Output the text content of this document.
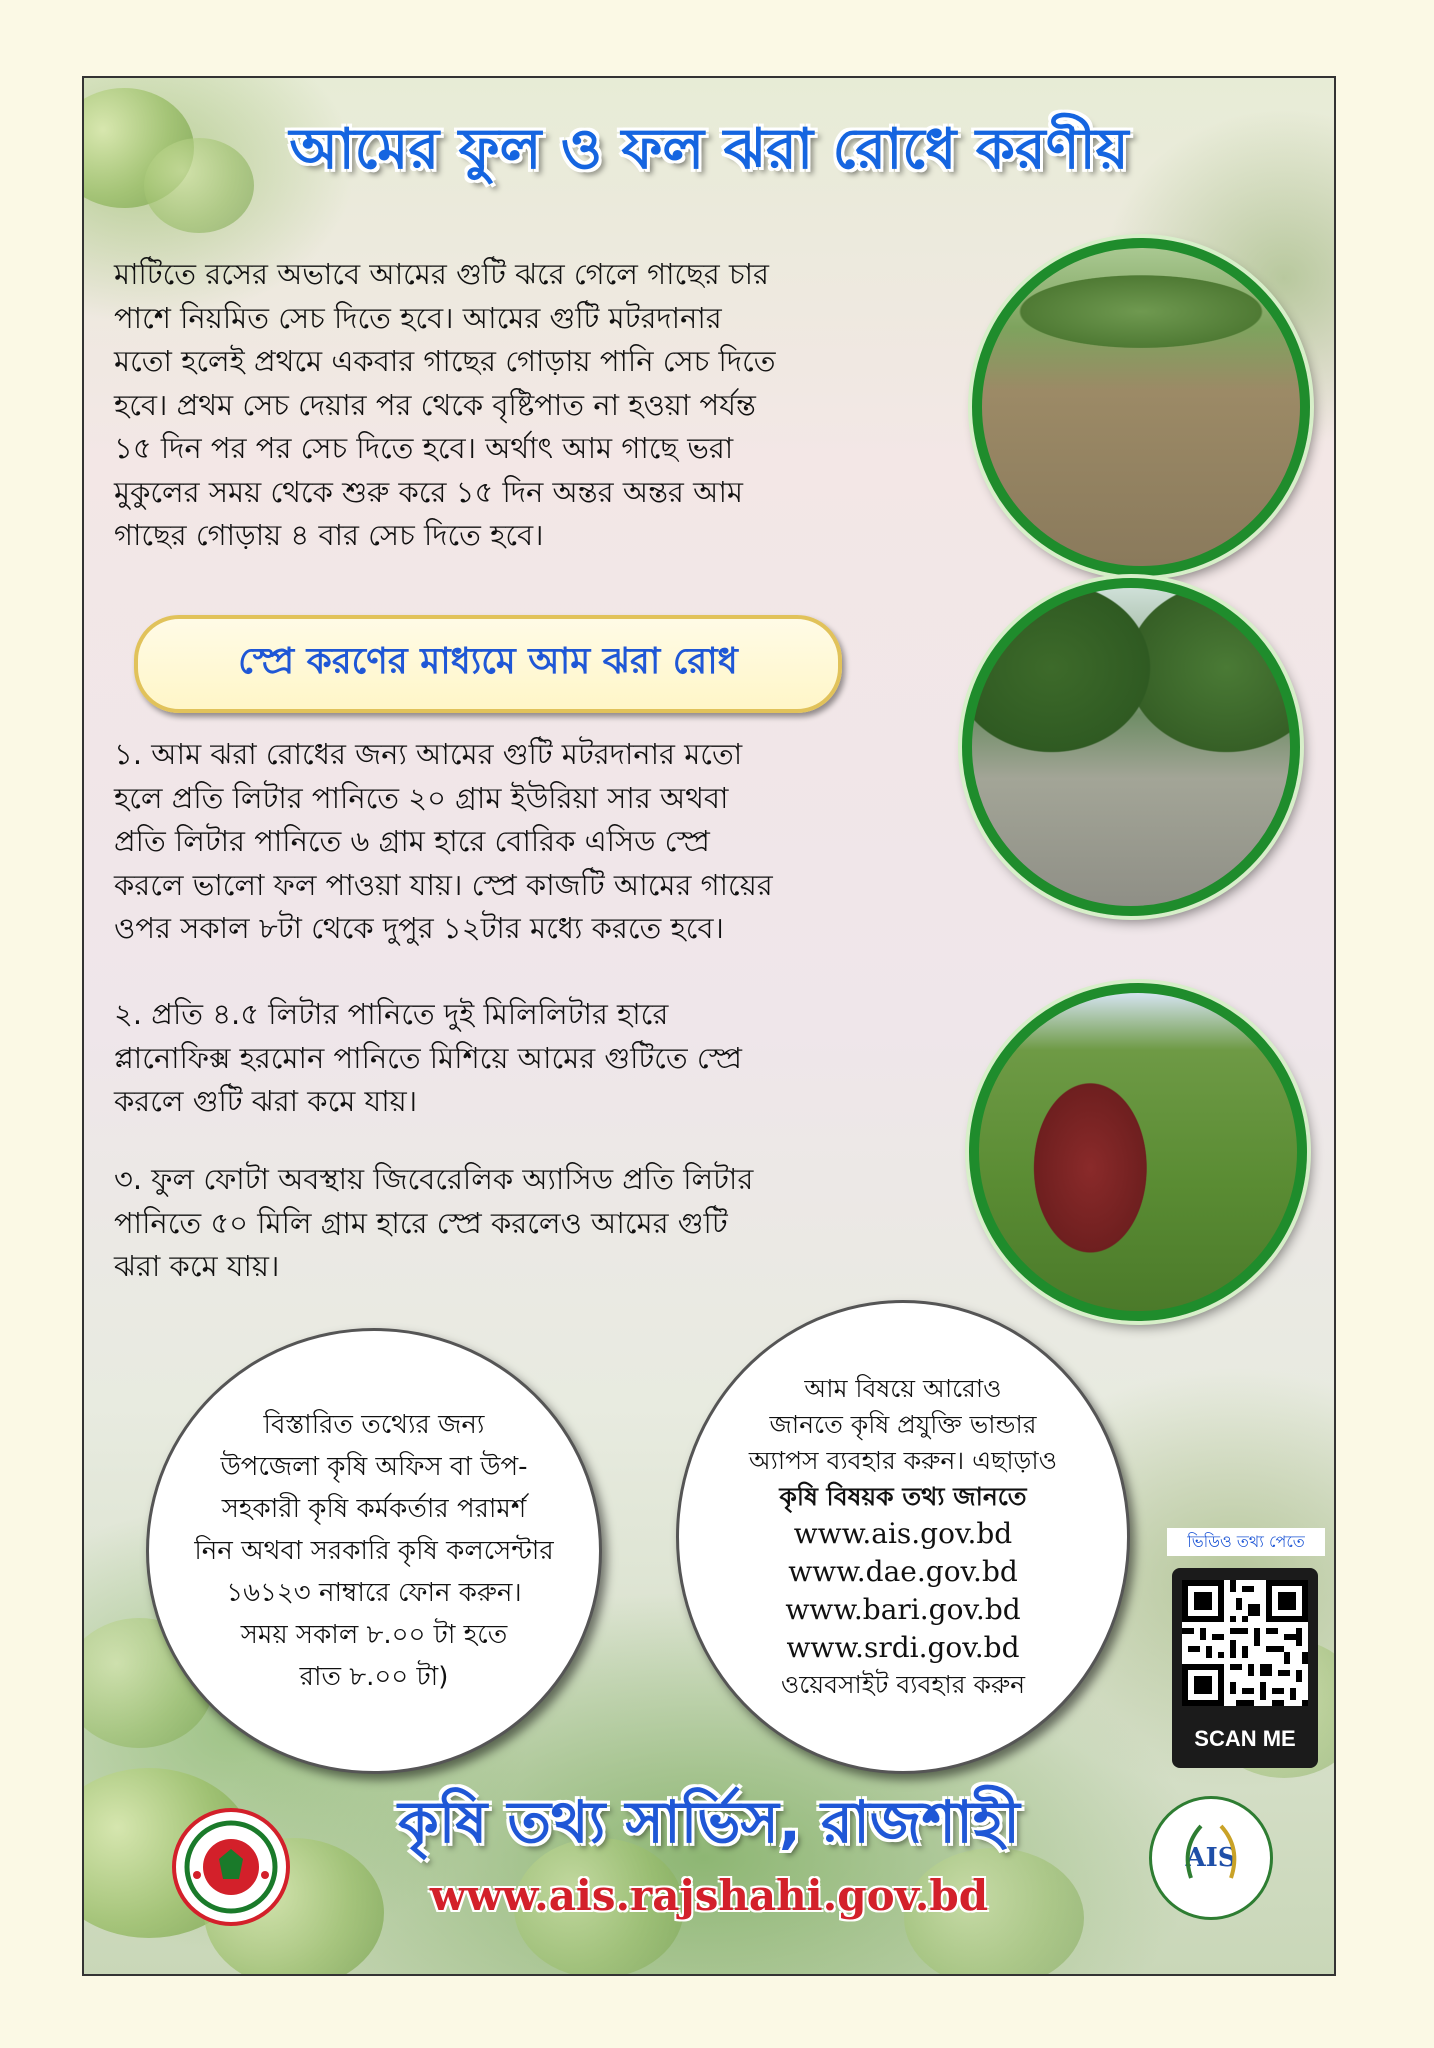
আমের ফুল ও ফল ঝরা রোধে করণীয়
মাটিতে রসের অভাবে আমের গুটি ঝরে গেলে গাছের চার
পাশে নিয়মিত সেচ দিতে হবে। আমের গুটি মটরদানার
মতো হলেই প্রথমে একবার গাছের গোড়ায় পানি সেচ দিতে
হবে। প্রথম সেচ দেয়ার পর থেকে বৃষ্টিপাত না হওয়া পর্যন্ত
১৫ দিন পর পর সেচ দিতে হবে। অর্থাৎ আম গাছে ভরা
মুকুলের সময় থেকে শুরু করে ১৫ দিন অন্তর অন্তর আম
গাছের গোড়ায় ৪ বার সেচ দিতে হবে।
স্প্রে করণের মাধ্যমে আম ঝরা রোধ
১. আম ঝরা রোধের জন্য আমের গুটি মটরদানার মতো
হলে প্রতি লিটার পানিতে ২০ গ্রাম ইউরিয়া সার অথবা
প্রতি লিটার পানিতে ৬ গ্রাম হারে বোরিক এসিড স্প্রে
করলে ভালো ফল পাওয়া যায়। স্প্রে কাজটি আমের গায়ের
ওপর সকাল ৮টা থেকে দুপুর ১২টার মধ্যে করতে হবে।
২. প্রতি ৪.৫ লিটার পানিতে দুই মিলিলিটার হারে
প্লানোফিক্স হরমোন পানিতে মিশিয়ে আমের গুটিতে স্প্রে
করলে গুটি ঝরা কমে যায়।
৩. ফুল ফোটা অবস্থায় জিবেরেলিক অ্যাসিড প্রতি লিটার
পানিতে ৫০ মিলি গ্রাম হারে স্প্রে করলেও আমের গুটি
ঝরা কমে যায়।
বিস্তারিত তথ্যের জন্য
উপজেলা কৃষি অফিস বা উপ-
সহকারী কৃষি কর্মকর্তার পরামর্শ
নিন অথবা সরকারি কৃষি কলসেন্টার
১৬১২৩ নাম্বারে ফোন করুন।
সময় সকাল ৮.০০ টা হতে
রাত ৮.০০ টা)
আম বিষয়ে আরোও
জানতে কৃষি প্রযুক্তি ভান্ডার
অ্যাপস ব্যবহার করুন। এছাড়াও
কৃষি বিষয়ক তথ্য জানতে
www.ais.gov.bd
www.dae.gov.bd
www.bari.gov.bd
www.srdi.gov.bd
ওয়েবসাইট ব্যবহার করুন
ভিডিও তথ্য পেতে
SCAN ME
কৃষি তথ্য সার্ভিস, রাজশাহী
www.ais.rajshahi.gov.bd
AIS
